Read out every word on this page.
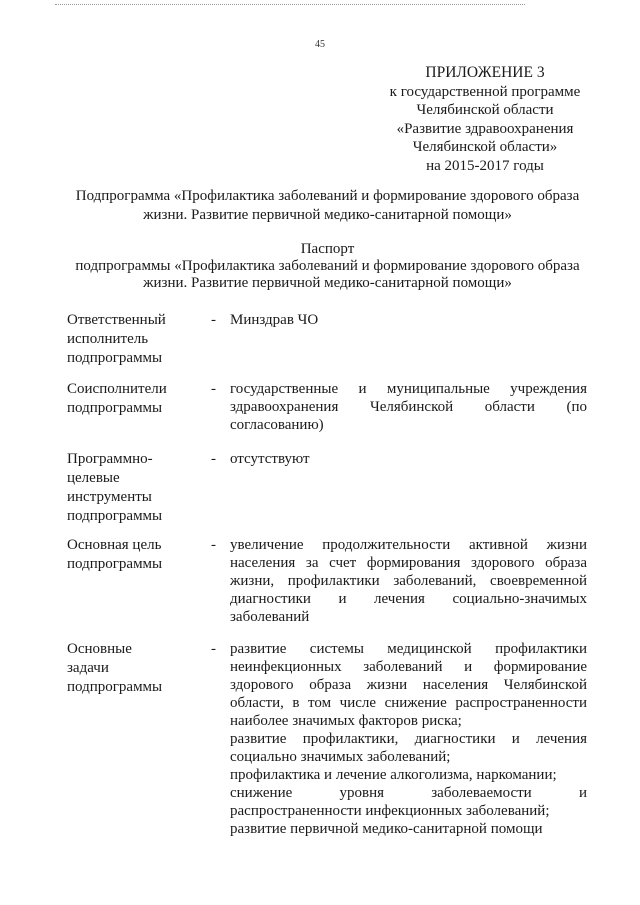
45
ПРИЛОЖЕНИЕ 3
к государственной программе
Челябинской области
«Развитие здравоохранения
Челябинской области»
на 2015-2017 годы
Подпрограмма «Профилактика заболеваний и формирование здорового образа жизни. Развитие первичной медико-санитарной помощи»
Паспорт
подпрограммы «Профилактика заболеваний и формирование здорового образа
жизни. Развитие первичной медико-санитарной помощи»
Ответственный
исполнитель
подпрограммы
- Минздрав ЧО
Соисполнители
подпрограммы
- государственные и муниципальные учреждения здравоохранения Челябинской области (по согласованию)
Программно-
целевые
инструменты
подпрограммы
- отсутствуют
Основная цель
подпрограммы
- увеличение продолжительности активной жизни населения за счет формирования здорового образа жизни, профилактики заболеваний, своевременной диагностики и лечения социально-значимых заболеваний
Основные
задачи
подпрограммы
- развитие системы медицинской профилактики неинфекционных заболеваний и формирование здорового образа жизни населения Челябинской области, в том числе снижение распространенности наиболее значимых факторов риска;
развитие профилактики, диагностики и лечения социально значимых заболеваний;
профилактика и лечение алкоголизма, наркомании;
снижение уровня заболеваемости и распространенности инфекционных заболеваний;
развитие первичной медико-санитарной помощи
